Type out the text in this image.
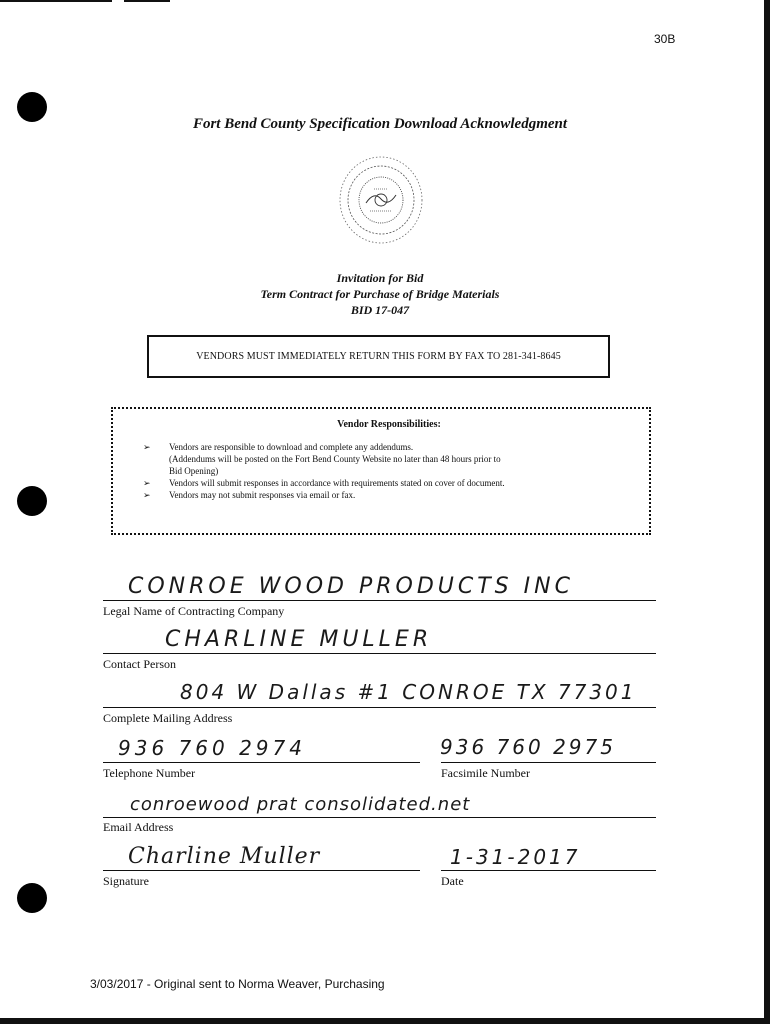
30B
Fort Bend County Specification Download Acknowledgment
Invitation for Bid
Term Contract for Purchase of Bridge Materials
BID 17-047
VENDORS MUST IMMEDIATELY RETURN THIS FORM BY FAX TO 281-341-8645
Vendor Responsibilities:
➢ Vendors are responsible to download and complete any addendums.
(Addendums will be posted on the Fort Bend County Website no later than 48 hours prior to
Bid Opening)
➢ Vendors will submit responses in accordance with requirements stated on cover of document.
➢ Vendors may not submit responses via email or fax.
CONROE WOOD PRODUCTS INC
Legal Name of Contracting Company
CHARLINE MULLER
Contact Person
804 W Dallas #1 CONROE TX 77301
Complete Mailing Address
936 760 2974
Telephone Number
936 760 2975
Facsimile Number
conroewood prat consolidated.net
Email Address
Charline Muller
Signature
1-31-2017
Date
3/03/2017 - Original sent to Norma Weaver, Purchasing
